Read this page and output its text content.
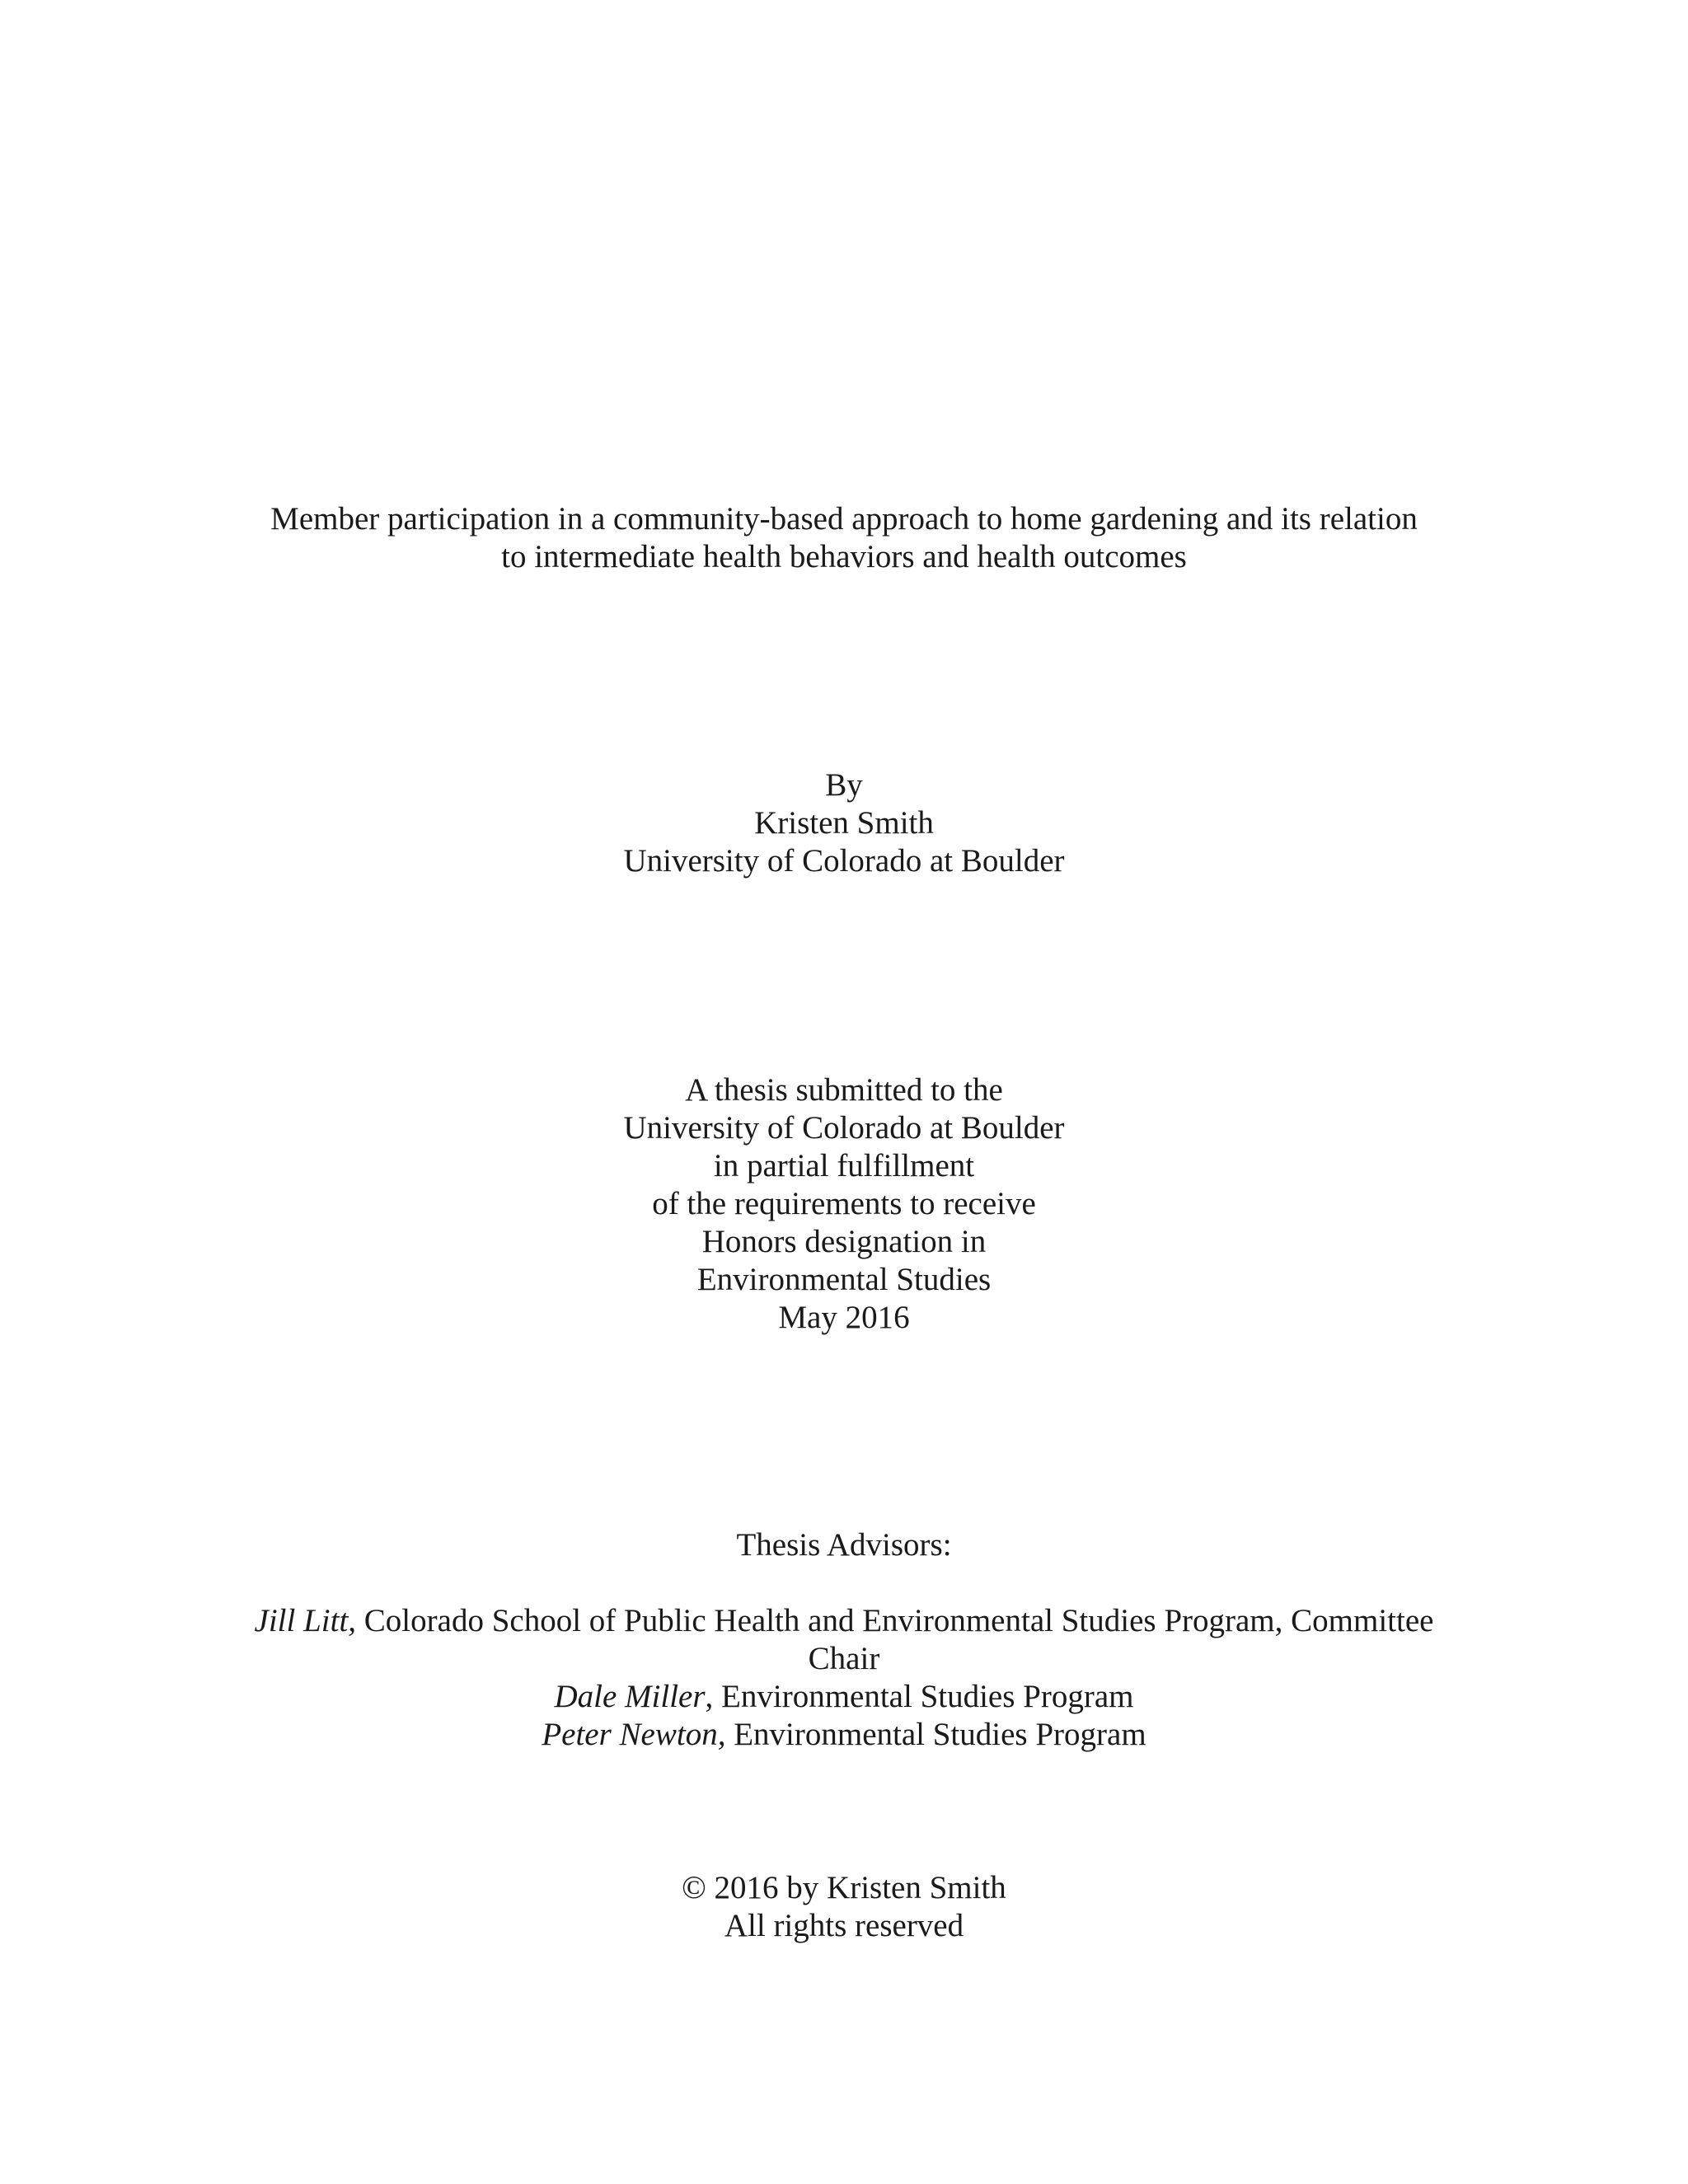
Member participation in a community-based approach to home gardening and its relation
to intermediate health behaviors and health outcomes
By
Kristen Smith
University of Colorado at Boulder
A thesis submitted to the
University of Colorado at Boulder
in partial fulfillment
of the requirements to receive
Honors designation in
Environmental Studies
May 2016
Thesis Advisors:
Jill Litt, Colorado School of Public Health and Environmental Studies Program, Committee
Chair
Dale Miller, Environmental Studies Program
Peter Newton, Environmental Studies Program
© 2016 by Kristen Smith
All rights reserved
